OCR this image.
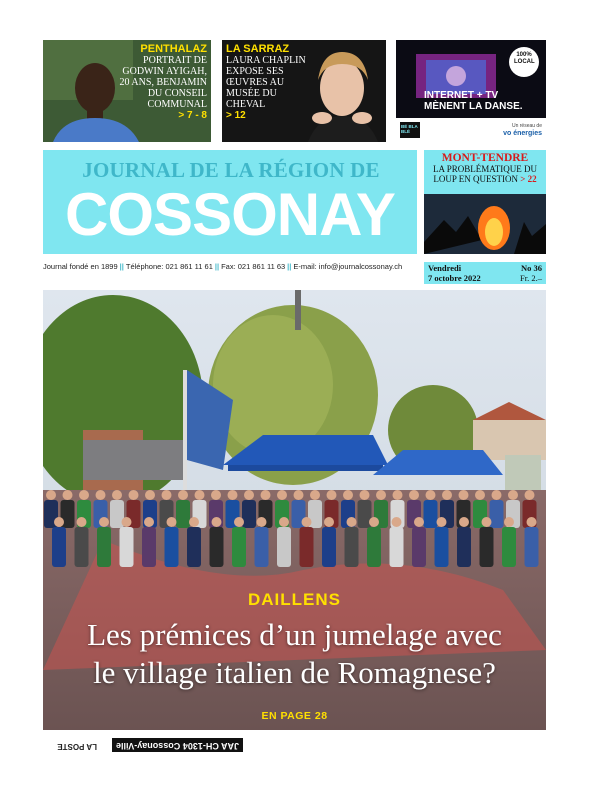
PENTHALAZ
PORTRAIT DE
GODWIN AYIGAH,
20 ANS, BENJAMIN
DU CONSEIL
COMMUNAL
> 7 - 8
LA SARRAZ
LAURA CHAPLIN
EXPOSE SES
ŒUVRES AU
MUSÉE DU
CHEVAL
> 12
100%
LOCAL
INTERNET + TV
MÈNENT LA DANSE.
BÉ BLA BLÉ
Un réseau de
vo énergies
JOURNAL DE LA RÉGION DE
COSSONAY
Journal fondé en 1899 || Téléphone: 021 861 11 61 || Fax: 021 861 11 63 || E-mail: info@journalcossonay.ch
MONT-TENDRE
LA PROBLÉMATIQUE DU
LOUP EN QUESTION > 22
Vendredi
7 octobre 2022
No 36
Fr. 2.–
DAILLENS
Les prémices d’un jumelage avec
le village italien de Romagnese?
EN PAGE 28
JAA CH-1304 Cossonay-Ville
LA POSTE
